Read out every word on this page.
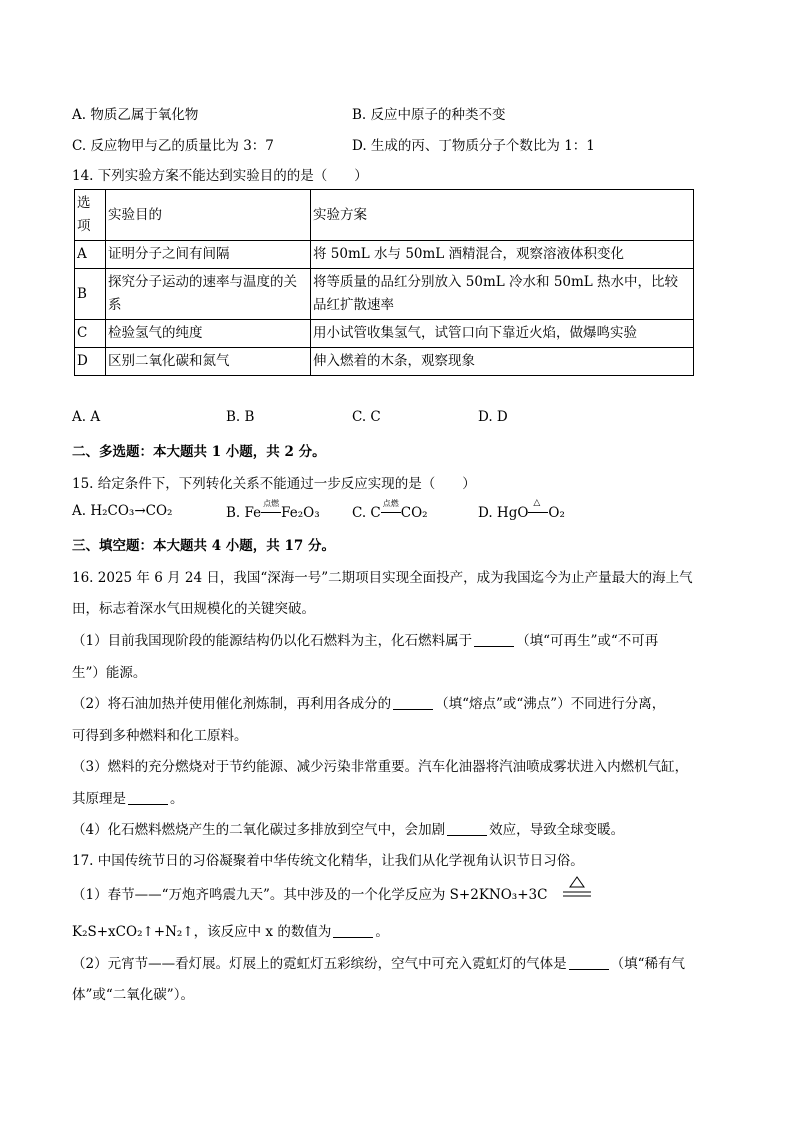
A. 物质乙属于氧化物	B. 反应中原子的种类不变
C. 反应物甲与乙的质量比为 3：7	D. 生成的丙、丁物质分子个数比为 1：1
14. 下列实验方案不能达到实验目的的是（　　）
选项	实验目的	实验方案
A	证明分子之间有间隔	将 50mL 水与 50mL 酒精混合，观察溶液体积变化
B	探究分子运动的速率与温度的关系	将等质量的品红分别放入 50mL 冷水和 50mL 热水中，比较品红扩散速率
C	检验氢气的纯度	用小试管收集氢气，试管口向下靠近火焰，做爆鸣实验
D	区别二氧化碳和氮气	伸入燃着的木条，观察现象
A. A	B. B	C. C	D. D
二、多选题：本大题共 1 小题，共 2 分。
15. 给定条件下，下列转化关系不能通过一步反应实现的是（　　）
A. H₂CO₃→CO₂	B. Fe
点燃
Fe₂O₃ C. C
点燃
CO₂	D. HgO
△
O₂
三、填空题：本大题共 4 小题，共 17 分。
16. 2025 年 6 月 24 日，我国“深海一号”二期项目实现全面投产，成为我国迄今为止产量最大的海上气
田，标志着深水气田规模化的关键突破。
（1）目前我国现阶段的能源结构仍以化石燃料为主，化石燃料属于	（填“可再生”或“不可再
生”）能源。
（2）将石油加热并使用催化剂炼制，再利用各成分的	（填“熔点”或“沸点”）不同进行分离，
可得到多种燃料和化工原料。
（3）燃料的充分燃烧对于节约能源、减少污染非常重要。汽车化油器将汽油喷成雾状进入内燃机气缸，
其原理是	。
（4）化石燃料燃烧产生的二氧化碳过多排放到空气中，会加剧	效应，导致全球变暖。
17. 中国传统节日的习俗凝聚着中华传统文化精华，让我们从化学视角认识节日习俗。
（1）春节——“万炮齐鸣震九天”。其中涉及的一个化学反应为 S+2KNO₃+3C
K₂S+xCO₂↑+N₂↑，该反应中 x 的数值为	。
（2）元宵节——看灯展。灯展上的霓虹灯五彩缤纷，空气中可充入霓虹灯的气体是	（填“稀有气
体”或“二氧化碳”）。
